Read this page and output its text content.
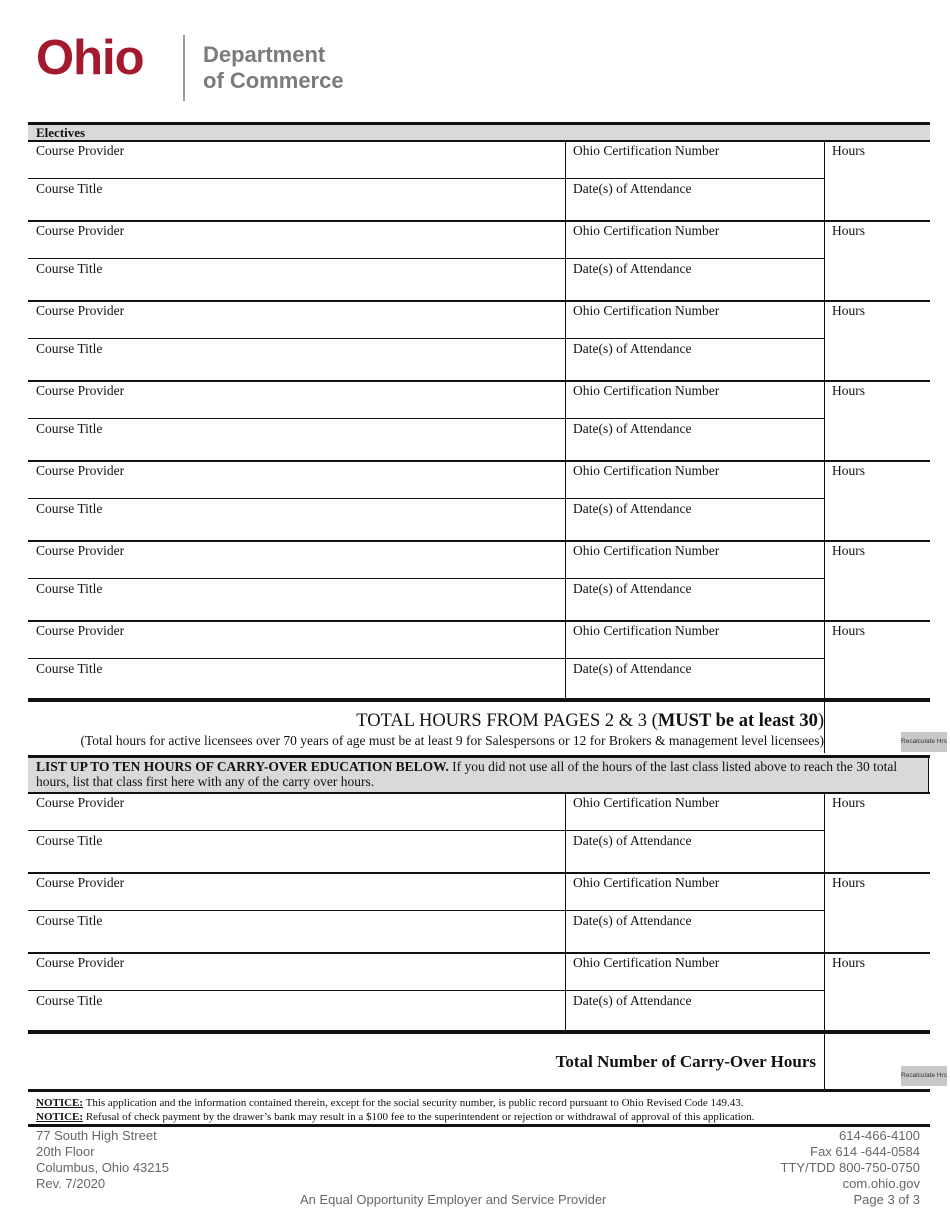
Ohio	Department
of Commerce
Electives
Course Provider	Ohio Certification Number	Hours
Course Title	Date(s) of Attendance
Course Provider	Ohio Certification Number	Hours
Course Title	Date(s) of Attendance
Course Provider	Ohio Certification Number	Hours
Course Title	Date(s) of Attendance
Course Provider	Ohio Certification Number	Hours
Course Title	Date(s) of Attendance
Course Provider	Ohio Certification Number	Hours
Course Title	Date(s) of Attendance
Course Provider	Ohio Certification Number	Hours
Course Title	Date(s) of Attendance
Course Provider	Ohio Certification Number	Hours
Course Title	Date(s) of Attendance
TOTAL HOURS FROM PAGES 2 & 3 (MUST be at least 30)
(Total hours for active licensees over 70 years of age must be at least 9 for Salespersons or 12 for Brokers & management level licensees)	Recalculate Hrs
LIST UP TO TEN HOURS OF CARRY-OVER EDUCATION BELOW. If you did not use all of the hours of the last class listed above to reach the 30 total hours, list that class first here with any of the carry over hours.
Course Provider	Ohio Certification Number	Hours
Course Title	Date(s) of Attendance
Course Provider	Ohio Certification Number	Hours
Course Title	Date(s) of Attendance
Course Provider	Ohio Certification Number	Hours
Course Title	Date(s) of Attendance
Total Number of Carry-Over Hours
Recalculate Hrs
NOTICE: This application and the information contained therein, except for the social security number, is public record pursuant to Ohio Revised Code 149.43.
NOTICE: Refusal of check payment by the drawer’s bank may result in a $100 fee to the superintendent or rejection or withdrawal of approval of this application.
77 South High Street
20th Floor
Columbus, Ohio 43215
Rev. 7/2020
614-466-4100
Fax 614 -644-0584
TTY/TDD 800-750-0750
com.ohio.gov
Page 3 of 3
An Equal Opportunity Employer and Service Provider
